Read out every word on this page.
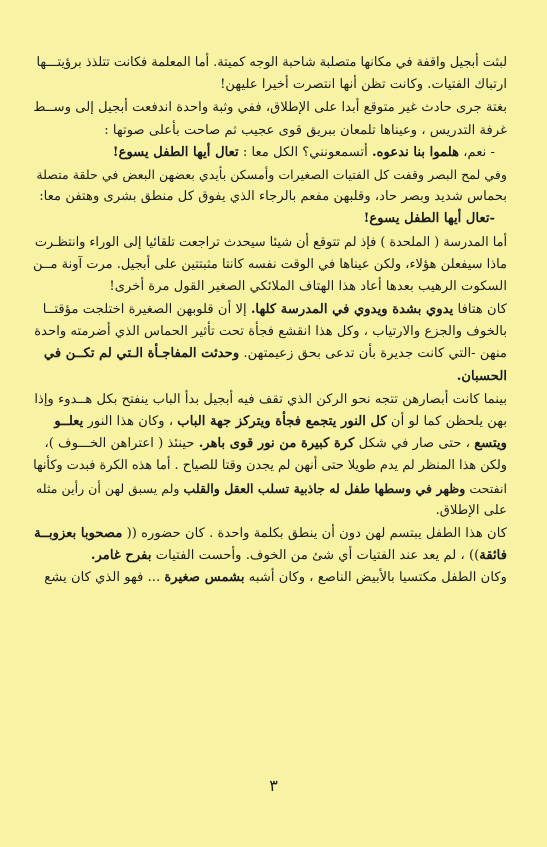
لبثت أبجيل واقفة في مكانها متصلبة شاحبة الوجه كميتة. أما المعلمة فكانت تتلذذ برؤيتـــها
ارتباك الفتيات. وكانت تظن أنها انتصرت أخيرا عليهن!
بغتة جرى حادث غير متوقع أبدا على الإطلاق، ففي وثبة واحدة اندفعت أبجيل إلى وســط
غرفة التدريس ، وعيناها تلمعان ببريق قوى عجيب ثم صاحت بأعلى صوتها :
- نعم، هلموا بنا ندعوه. أتسمعونني؟ الكل معا : تعال أيها الطفل يسوع!
وفي لمح البصر وقفت كل الفتيات الصغيرات وأمسكن بأيدي بعضهن البعض في حلقة متصلة
بحماس شديد وبصر حاد، وقلبهن مفعم بالرجاء الذي يفوق كل منطق بشرى وهتفن معا:
-تعال أيها الطفل يسوع!
أما المدرسة ( الملحدة ) فإذ لم تتوقع أن شيئا سيحدث تراجعت تلقائيا إلى الوراء وانتظـرت
ماذا سيفعلن هؤلاء، ولكن عيناها في الوقت نفسه كانتا مثبتتين على أبجيل. مرت آونة مــن
السكوت الرهيب بعدها أعاد هذا الهتاف الملائكي الصغير القول مرة أخرى!
كان هتافا يدوي بشدة ويدوي في المدرسة كلها. إلا أن قلوبهن الصغيرة اختلجت مؤقتــا
بالخوف والجزع والارتياب ، وكل هذا انقشع فجأة تحت تأثير الحماس الذي أضرمته واحدة
منهن -التي كانت جديرة بأن تدعى بحق زعيمتهن. وحدثت المفاجـأة الـتي لم تكــن في
الحسبان.
بينما كانت أبصارهن تتجه نحو الركن الذي تقف فيه أبجيل بدأ الباب ينفتح بكل هــدوء وإذا
بهن يلحظن كما لو أن كل النور يتجمع فجأة ويتركز جهة الباب ، وكان هذا النور يعلــو
ويتسع ، حتى صار في شكل كرة كبيرة من نور قوى باهر. حينئذ ( اعتراهن الخـــوف )،
ولكن هذا المنظر لم يدم طويلا حتى أنهن لم يجدن وقتا للصياح . أما هذه الكرة فبدت وكأنها
انفتحت وظهر في وسطها طفل له جاذبية تسلب العقل والقلب ولم يسبق لهن أن رأين مثله
على الإطلاق.
كان هذا الطفل يبتسم لهن دون أن ينطق بكلمة واحدة . كان حضوره (( مصحوبا بعزوبــة
فائقة)) ، لم يعد عند الفتيات أي شئ من الخوف. وأحست الفتيات بفرح غامر.
وكان الطفل مكتسيا بالأبيض الناصع ، وكان أشبه بشمس صغيرة ... فهو الذي كان يشع
٣
